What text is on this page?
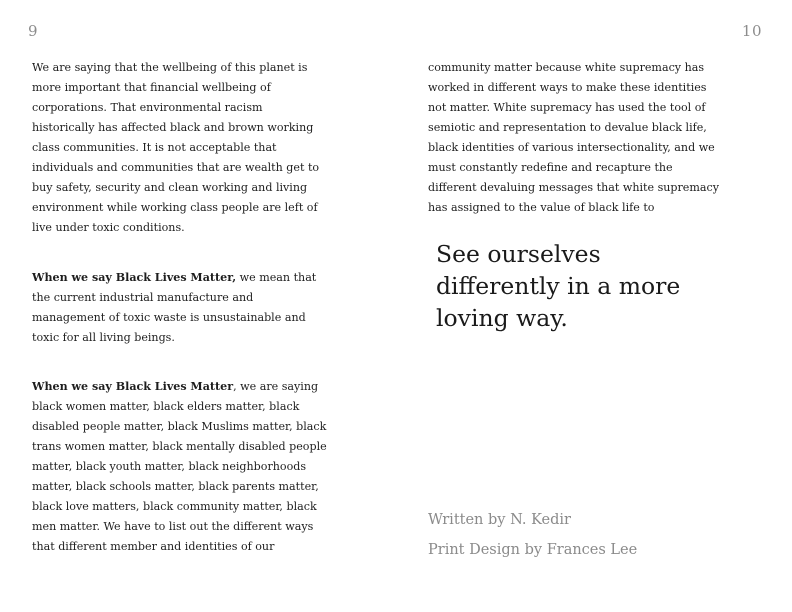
9	10

We are saying that the wellbeing of this planet is
more important that financial wellbeing of
corporations. That environmental racism
historically has affected black and brown working
class communities. It is not acceptable that
individuals and communities that are wealth get to
buy safety, security and clean working and living
environment while working class people are left of
live under toxic conditions.

When we say Black Lives Matter, we mean that
the current industrial manufacture and
management of toxic waste is unsustainable and
toxic for all living beings.

When we say Black Lives Matter, we are saying
black women matter, black elders matter, black
disabled people matter, black Muslims matter, black
trans women matter, black mentally disabled people
matter, black youth matter, black neighborhoods
matter, black schools matter, black parents matter,
black love matters, black community matter, black
men matter. We have to list out the different ways
that different member and identities of our

community matter because white supremacy has
worked in different ways to make these identities
not matter. White supremacy has used the tool of
semiotic and representation to devalue black life,
black identities of various intersectionality, and we
must constantly redefine and recapture the
different devaluing messages that white supremacy
has assigned to the value of black life to

See ourselves
differently in a more
loving way.
Written by N. Kedir
Print Design by Frances Lee
